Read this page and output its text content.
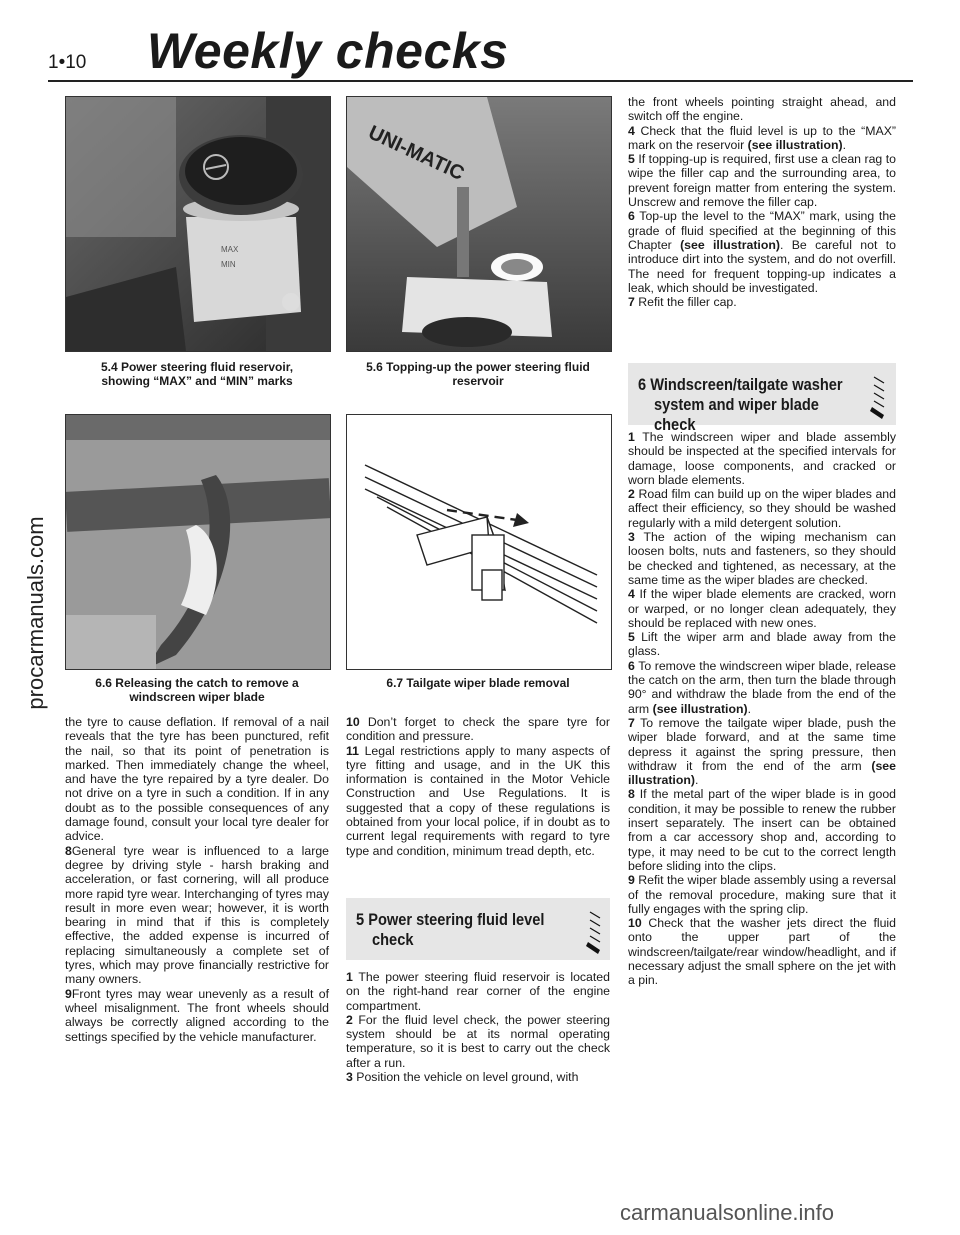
1•10 Weekly checks
procarmanuals.com
carmanualsonline.info
MAX
MIN
5.4 Power steering fluid reservoir,
showing “MAX” and “MIN” marks
UNI-MATIC
5.6 Topping-up the power steering fluid
reservoir
6.6 Releasing the catch to remove a
windscreen wiper blade
6.7 Tailgate wiper blade removal

the tyre to cause deflation. If removal of a nail reveals that the tyre has been punctured, refit the nail, so that its point of penetration is marked. Then immediately change the wheel, and have the tyre repaired by a tyre dealer. Do not drive on a tyre in such a condition. If in any doubt as to the possible consequences of any damage found, consult your local tyre dealer for advice.

8General tyre wear is influenced to a large degree by driving style - harsh braking and acceleration, or fast cornering, will all produce more rapid tyre wear. Interchanging of tyres may result in more even wear; however, it is worth bearing in mind that if this is completely effective, the added expense is incurred of replacing simultaneously a complete set of tyres, which may prove financially restrictive for many owners.

9Front tyres may wear unevenly as a result of wheel misalignment. The front wheels should always be correctly aligned according to the settings specified by the vehicle manufacturer.

10 Don’t forget to check the spare tyre for condition and pressure.

11 Legal restrictions apply to many aspects of tyre fitting and usage, and in the UK this information is contained in the Motor Vehicle Construction and Use Regulations. It is suggested that a copy of these regulations is obtained from your local police, if in doubt as to current legal requirements with regard to tyre type and condition, minimum tread depth, etc.

5 Power steering fluid level
check

1 The power steering fluid reservoir is located on the right-hand rear corner of the engine compartment.

2 For the fluid level check, the power steering system should be at its normal operating temperature, so it is best to carry out the check after a run.

3 Position the vehicle on level ground, with

the front wheels pointing straight ahead, and switch off the engine.

4 Check that the fluid level is up to the “MAX” mark on the reservoir (see illustration).

5 If topping-up is required, first use a clean rag to wipe the filler cap and the surrounding area, to prevent foreign matter from entering the system. Unscrew and remove the filler cap.

6 Top-up the level to the “MAX” mark, using the grade of fluid specified at the beginning of this Chapter (see illustration). Be careful not to introduce dirt into the system, and do not overfill. The need for frequent topping-up indicates a leak, which should be investigated.

7 Refit the filler cap.

6 Windscreen/tailgate washer
system and wiper blade check

1 The windscreen wiper and blade assembly should be inspected at the specified intervals for damage, loose components, and cracked or worn blade elements.

2 Road film can build up on the wiper blades and affect their efficiency, so they should be washed regularly with a mild detergent solution.

3 The action of the wiping mechanism can loosen bolts, nuts and fasteners, so they should be checked and tightened, as necessary, at the same time as the wiper blades are checked.

4 If the wiper blade elements are cracked, worn or warped, or no longer clean adequately, they should be replaced with new ones.

5 Lift the wiper arm and blade away from the glass.

6 To remove the windscreen wiper blade, release the catch on the arm, then turn the blade through 90° and withdraw the blade from the end of the arm (see illustration).

7 To remove the tailgate wiper blade, push the wiper blade forward, and at the same time depress it against the spring pressure, then withdraw it from the end of the arm (see illustration).

8 If the metal part of the wiper blade is in good condition, it may be possible to renew the rubber insert separately. The insert can be obtained from a car accessory shop and, according to type, it may need to be cut to the correct length before sliding into the clips.

9 Refit the wiper blade assembly using a reversal of the removal procedure, making sure that it fully engages with the spring clip.

10 Check that the washer jets direct the fluid onto the upper part of the windscreen/tailgate/rear window/headlight, and if necessary adjust the small sphere on the jet with a pin.
